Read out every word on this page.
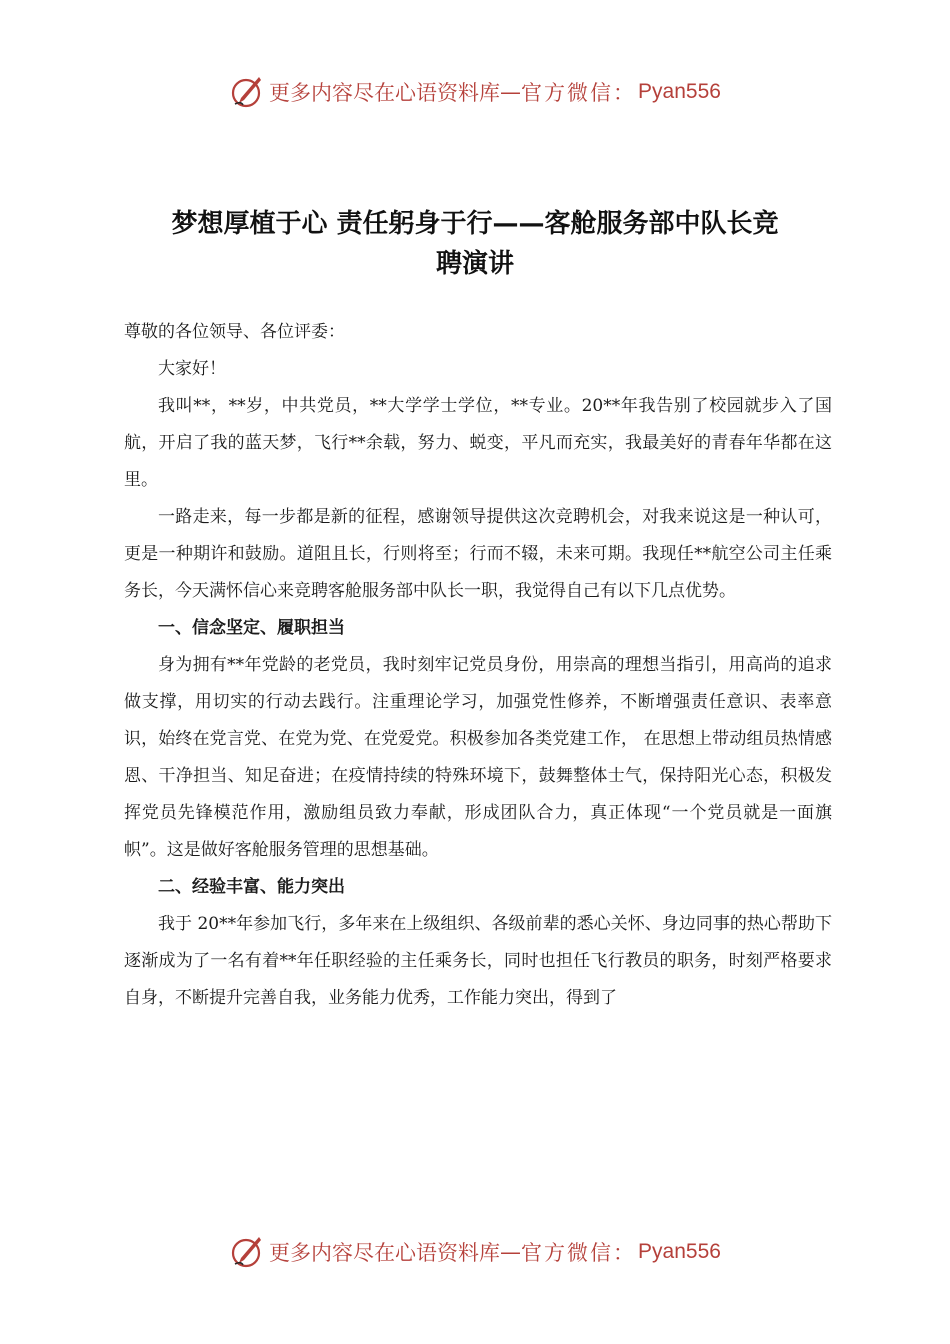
更多内容尽在心语资料库 — 官方微信： Pyan556
梦想厚植于心 责任躬身于行——客舱服务部中队长竞
聘演讲

尊敬的各位领导、各位评委：

大家好！

我叫**，**岁，中共党员，**大学学士学位，**专业。20**年我告别了校园就步入了国航，开启了我的蓝天梦，飞行**余载，努力、蜕变，平凡而充实，我最美好的青春年华都在这里。

一路走来，每一步都是新的征程，感谢领导提供这次竞聘机会，对我来说这是一种认可，更是一种期许和鼓励。道阻且长，行则将至；行而不辍，未来可期。我现任**航空公司主任乘务长，今天满怀信心来竞聘客舱服务部中队长一职，我觉得自己有以下几点优势。

一、信念坚定、履职担当

身为拥有**年党龄的老党员，我时刻牢记党员身份，用崇高的理想当指引，用高尚的追求做支撑，用切实的行动去践行。注重理论学习，加强党性修养，不断增强责任意识、表率意识，始终在党言党、在党为党、在党爱党。积极参加各类党建工作， 在思想上带动组员热情感恩、干净担当、知足奋进；在疫情持续的特殊环境下，鼓舞整体士气，保持阳光心态，积极发挥党员先锋模范作用，激励组员致力奉献，形成团队合力，真正体现“一个党员就是一面旗帜”。这是做好客舱服务管理的思想基础。

二、经验丰富、能力突出

我于 20**年参加飞行，多年来在上级组织、各级前辈的悉心关怀、身边同事的热心帮助下逐渐成为了一名有着**年任职经验的主任乘务长，同时也担任飞行教员的职务，时刻严格要求自身，不断提升完善自我，业务能力优秀，工作能力突出，得到了

更多内容尽在心语资料库 — 官方微信： Pyan556
